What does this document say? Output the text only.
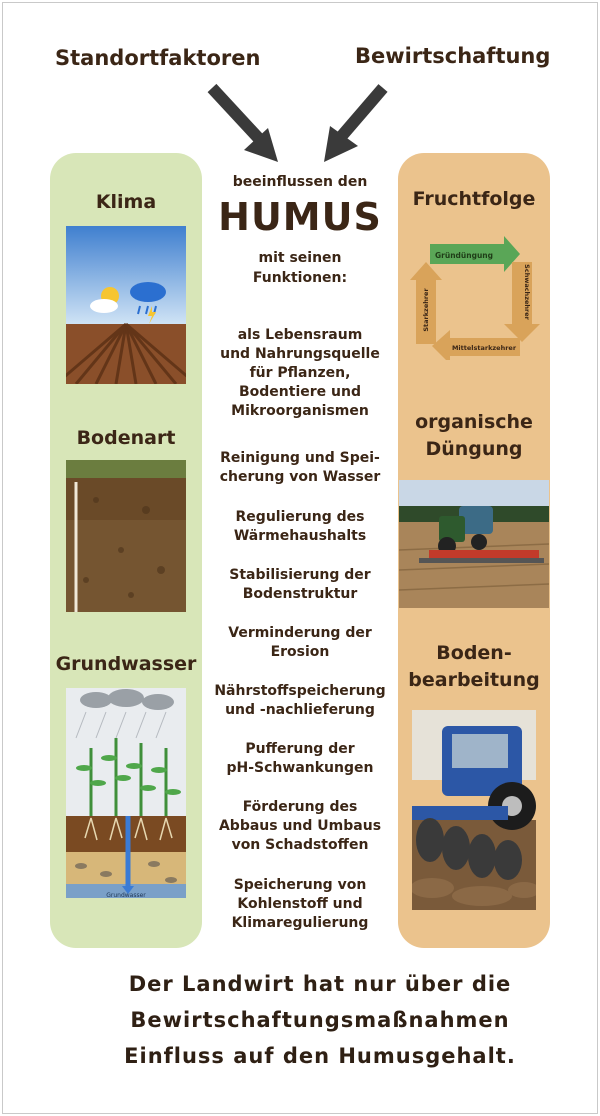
Standortfaktoren	Bewirtschaftung
Klima
Bodenart
Grundwasser
Grundwasser
beeinflussen den
HUMUS
mit seinen
Funktionen:
als Lebensraum
und Nahrungsquelle
für Pflanzen,
Bodentiere und
Mikroorganismen
Reinigung und Spei-
cherung von Wasser
Regulierung des
Wärmehaushalts
Stabilisierung der
Bodenstruktur
Verminderung der
Erosion
Nährstoffspeicherung
und -nachlieferung
Pufferung der
pH-Schwankungen
Förderung des
Abbaus und Umbaus
von Schadstoffen
Speicherung von
Kohlenstoff und
Klimaregulierung
Fruchtfolge
Gründüngung
Schwachzehrer
Mittelstarkzehrer
Starkzehrer
organische
Düngung
Boden-
bearbeitung
Der Landwirt hat nur über die
Bewirtschaftungsmaßnahmen
Einfluss auf den Humusgehalt.
